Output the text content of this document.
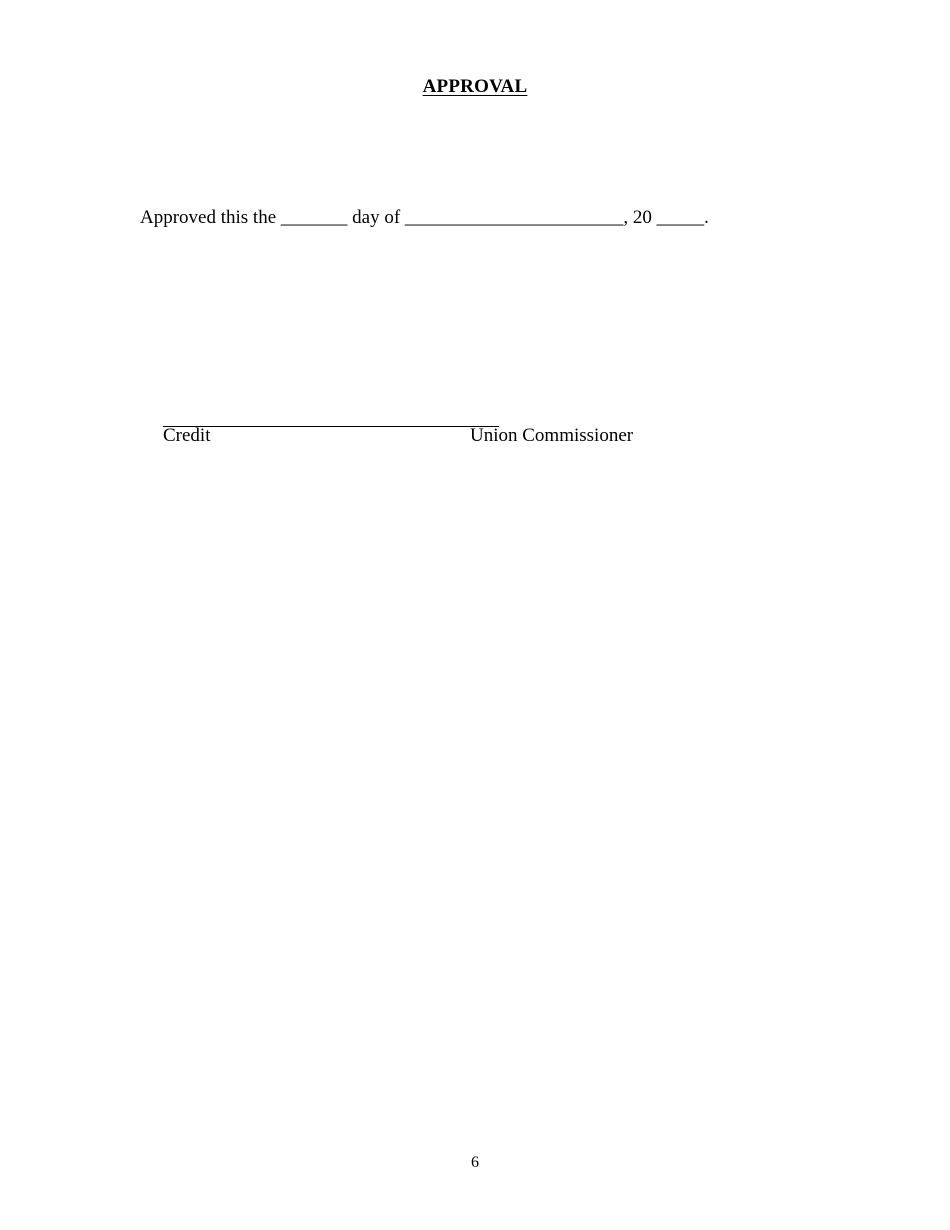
APPROVAL
Approved this the _______ day of _______________________, 20 _____.
Credit	Union Commissioner
6
